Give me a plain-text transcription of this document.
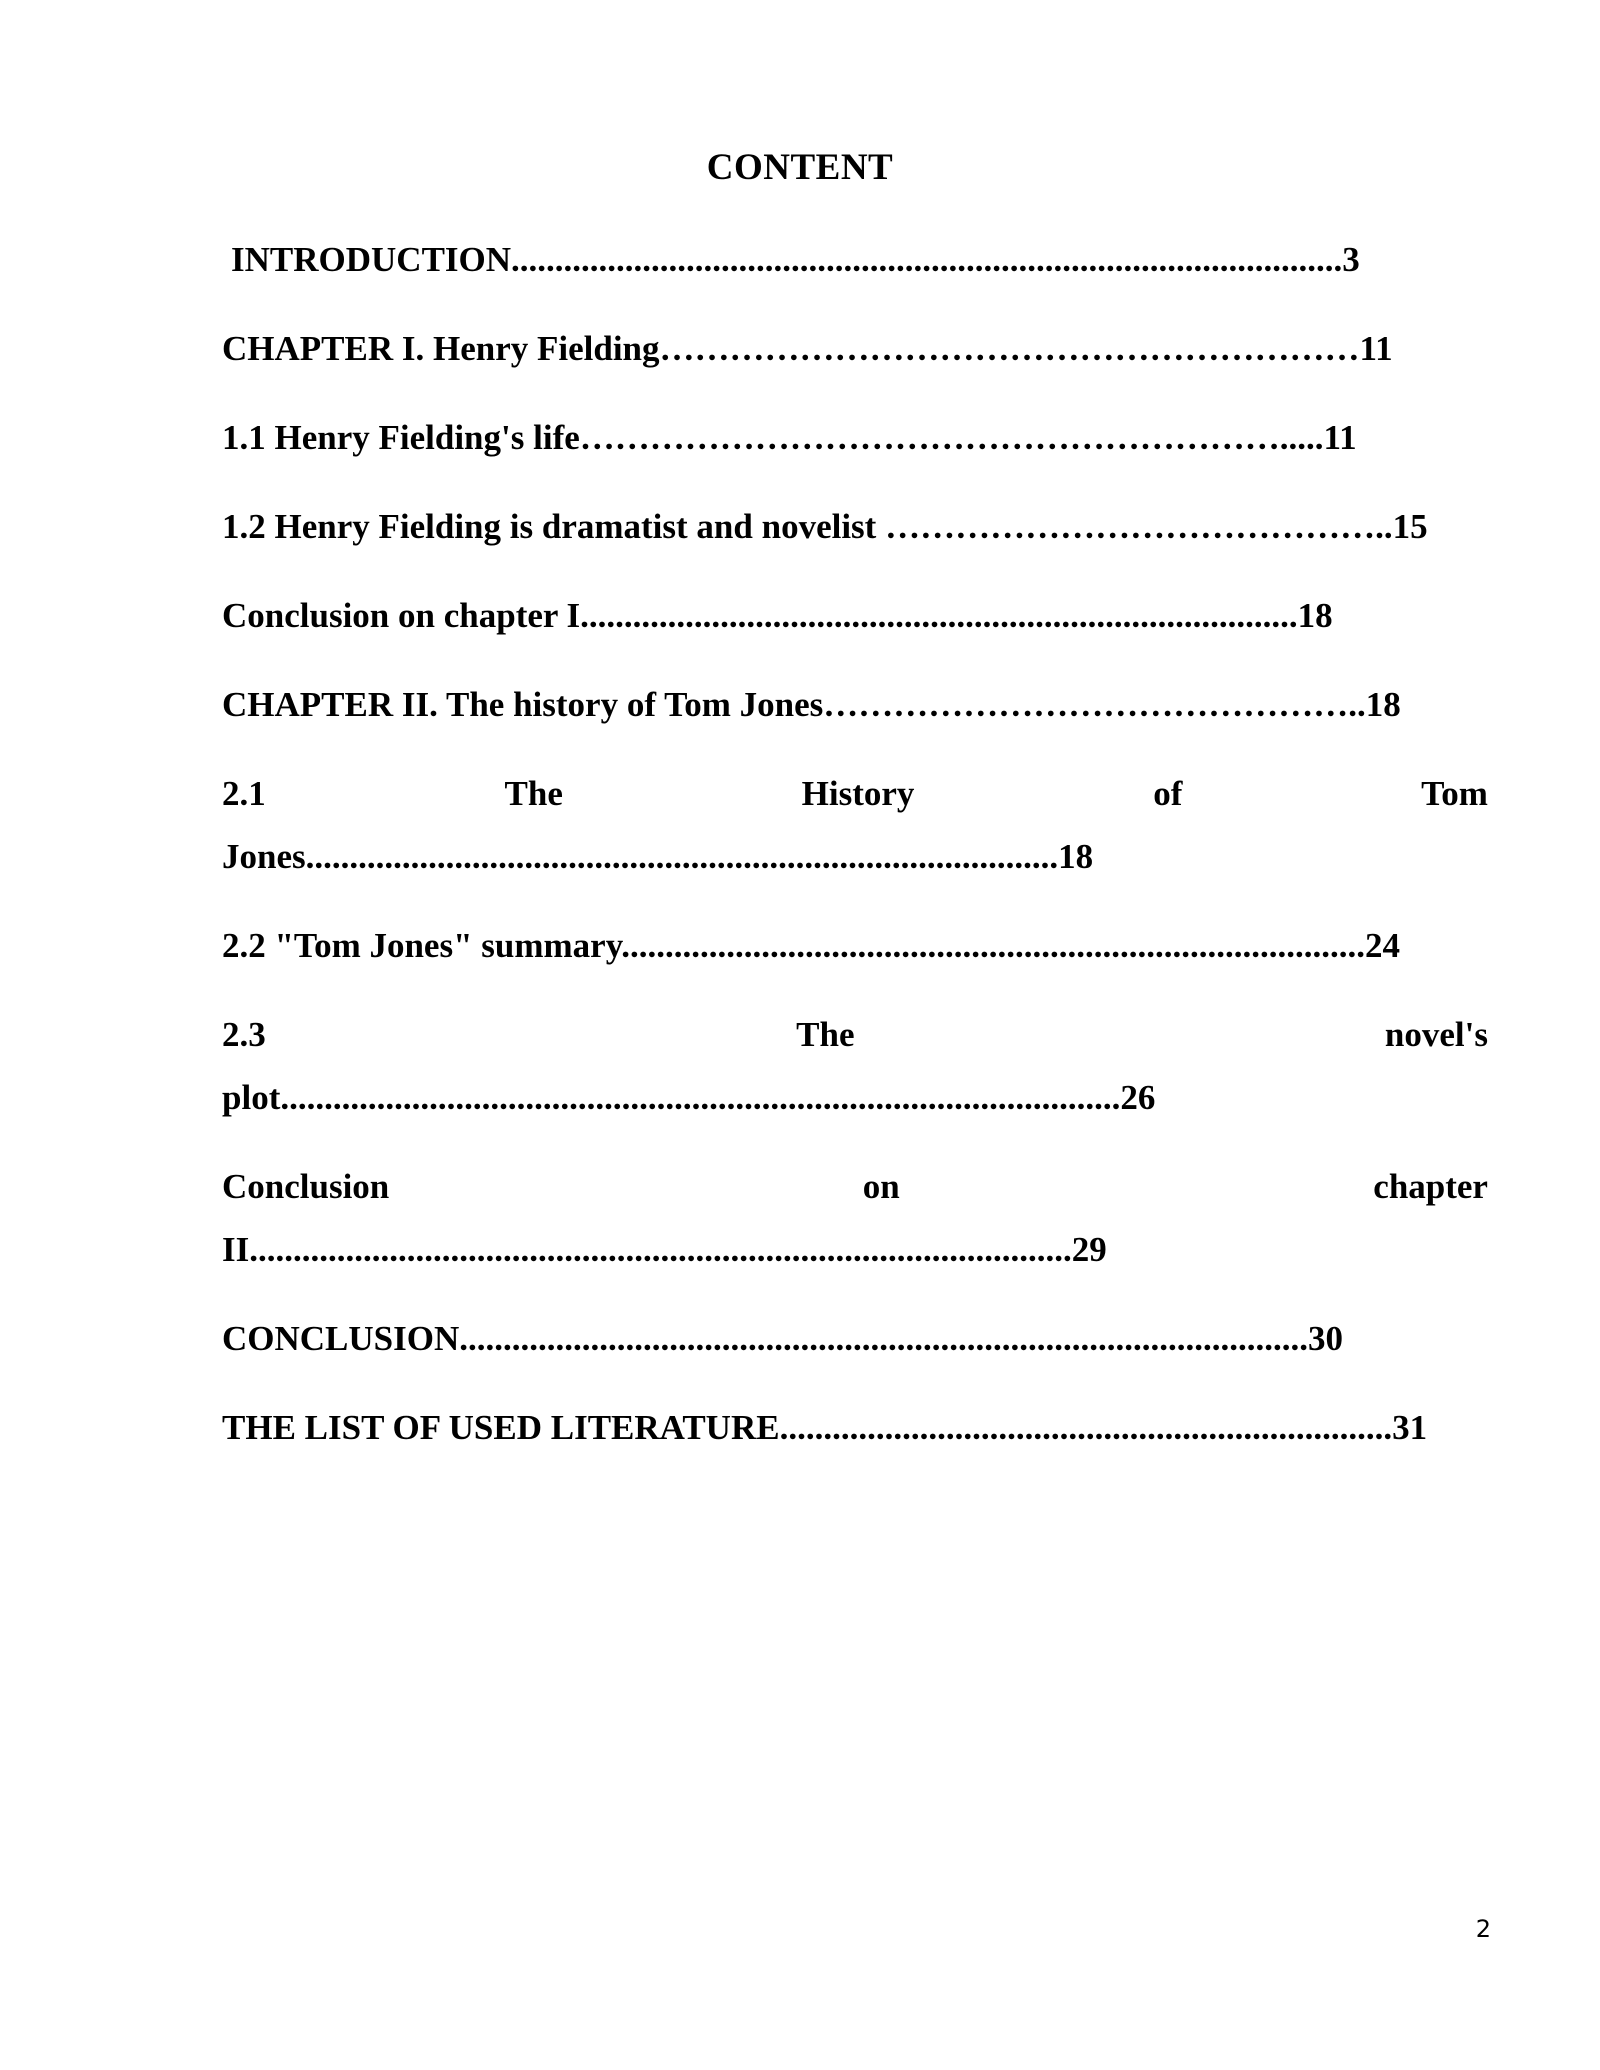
CONTENT
INTRODUCTION...............................................................................................3
CHAPTER I. Henry Fielding……………………………………………………11
1.1 Henry Fielding's life…………………………………………………….....11
1.2 Henry Fielding is dramatist and novelist ……………………………………..15
Conclusion on chapter I..................................................................................18
CHAPTER II. The history of Tom Jones………………………………………..18
2.1	The	History	of	Tom
Jones......................................................................................18
2.2 "Tom Jones" summary.....................................................................................24
2.3	The	novel's
plot................................................................................................26
Conclusion	on	chapter
II..............................................................................................29
CONCLUSION.................................................................................................30
THE LIST OF USED LITERATURE......................................................................31
2
